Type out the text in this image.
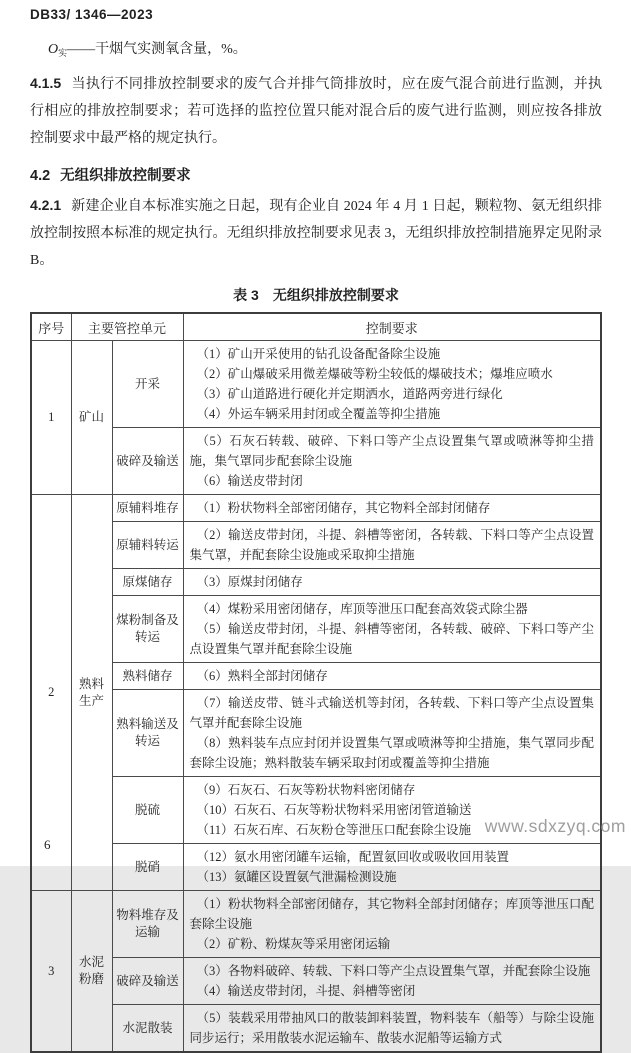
DB33/ 1346—2023
$O_实——$干烟气实测氧含量，%。

4.1.5 当执行不同排放控制要求的废气合并排气筒排放时，应在废气混合前进行监测，并执行相应的排放控制要求；若可选择的监控位置只能对混合后的废气进行监测，则应按各排放控制要求中最严格的规定执行。

4.2 无组织排放控制要求

4.2.1 新建企业自本标准实施之日起，现有企业自 2024 年 4 月 1 日起，颗粒物、氨无组织排放控制按照本标准的规定执行。无组织排放控制要求见表 3，无组织排放控制措施界定见附录 B。

表 3　无组织排放控制要求
序号	主要管控单元		控制要求
1	矿山	开采	（1）矿山开采使用的钻孔设备配备除尘设施
（2）矿山爆破采用微差爆破等粉尘较低的爆破技术；爆堆应喷水
（3）矿山道路进行硬化并定期洒水，道路两旁进行绿化
（4）外运车辆采用封闭或全覆盖等抑尘措施

		破碎及输送	（5）石灰石转载、破碎、下料口等产尘点设置集气罩或喷淋等抑尘措施，集气罩同步配套除尘设施
（6）输送皮带封闭

2	熟料生产	原辅料堆存	（1）粉状物料全部密闭储存，其它物料全部封闭储存

		原辅料转运	（2）输送皮带封闭，斗提、斜槽等密闭，各转载、下料口等产尘点设置集气罩，并配套除尘设施或采取抑尘措施

		原煤储存	（3）原煤封闭储存

		煤粉制备及转运	（4）煤粉采用密闭储存，库顶等泄压口配套高效袋式除尘器
（5）输送皮带封闭，斗提、斜槽等密闭，各转载、破碎、下料口等产尘点设置集气罩并配套除尘设施

		熟料储存	（6）熟料全部封闭储存

		熟料输送及转运	（7）输送皮带、链斗式输送机等封闭，各转载、下料口等产尘点设置集气罩并配套除尘设施
（8）熟料装车点应封闭并设置集气罩或喷淋等抑尘措施，集气罩同步配套除尘设施；熟料散装车辆采取封闭或覆盖等抑尘措施

		脱硫	（9）石灰石、石灰等粉状物料密闭储存
（10）石灰石、石灰等粉状物料采用密闭管道输送
（11）石灰石库、石灰粉仓等泄压口配套除尘设施

		脱硝	（12）氨水用密闭罐车运输，配置氨回收或吸收回用装置
（13）氨罐区设置氨气泄漏检测设施

3	水泥粉磨	物料堆存及运输	（1）粉状物料全部密闭储存，其它物料全部封闭储存；库顶等泄压口配套除尘设施
（2）矿粉、粉煤灰等采用密闭运输

		破碎及输送	（3）各物料破碎、转载、下料口等产尘点设置集气罩，并配套除尘设施
（4）输送皮带封闭，斗提、斜槽等密闭

		水泥散装	（5）装载采用带抽风口的散装卸料装置，物料装车（船等）与除尘设施同步运行；采用散装水泥运输车、散装水泥船等运输方式
www.sdxzyq.com
6
